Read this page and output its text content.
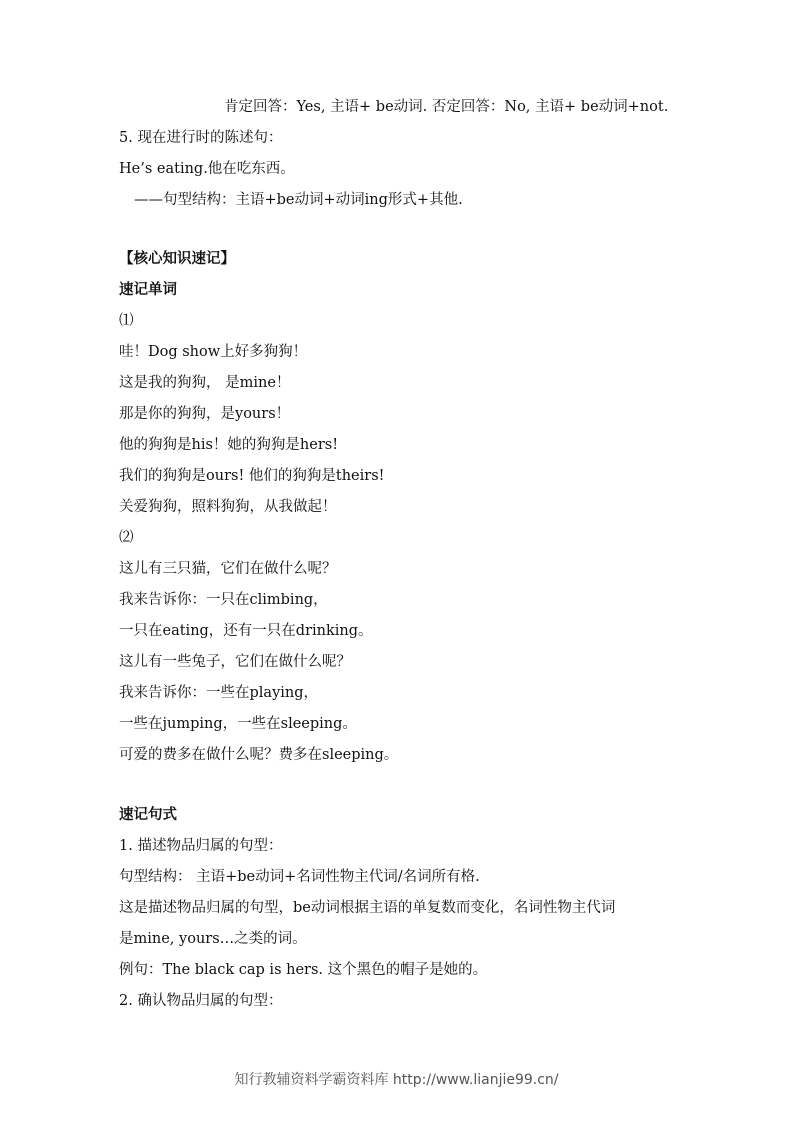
肯定回答：Yes, 主语+ be动词. 否定回答：No, 主语+ be动词+not.
5. 现在进行时的陈述句：
He’s eating.他在吃东西。
——句型结构：主语+be动词+动词ing形式+其他.
【核心知识速记】
速记单词
⑴
哇！Dog show上好多狗狗！
这是我的狗狗， 是mine！
那是你的狗狗，是yours！
他的狗狗是his！她的狗狗是hers!
我们的狗狗是ours! 他们的狗狗是theirs!
关爱狗狗，照料狗狗，从我做起！
⑵
这儿有三只猫，它们在做什么呢？
我来告诉你：一只在climbing，
一只在eating，还有一只在drinking。
这儿有一些兔子，它们在做什么呢？
我来告诉你：一些在playing，
一些在jumping，一些在sleeping。
可爱的费多在做什么呢？费多在sleeping。
速记句式
1. 描述物品归属的句型：
句型结构： 主语+be动词+名词性物主代词/名词所有格.
这是描述物品归属的句型，be动词根据主语的单复数而变化，名词性物主代词
是mine, yours…之类的词。
例句：The black cap is hers. 这个黑色的帽子是她的。
2. 确认物品归属的句型：
知行教辅资料学霸资料库 http://www.lianjie99.cn/
